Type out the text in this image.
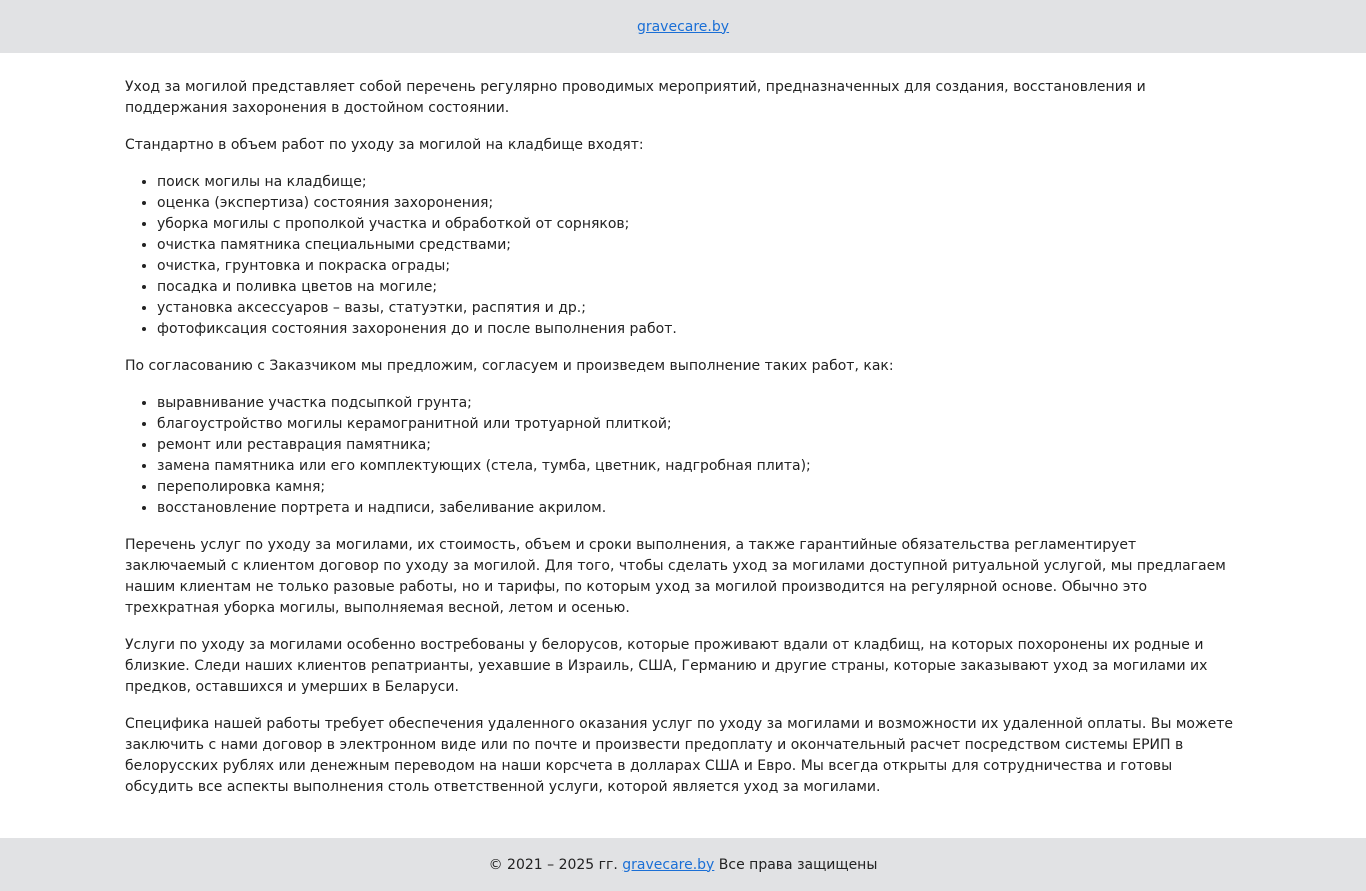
gravecare.by

Уход за могилой представляет собой перечень регулярно проводимых мероприятий, предназначенных для создания, восстановления и поддержания захоронения в достойном состоянии.

Стандартно в объем работ по уходу за могилой на кладбище входят:

• поиск могилы на кладбище;
• оценка (экспертиза) состояния захоронения;
• уборка могилы с прополкой участка и обработкой от сорняков;
• очистка памятника специальными средствами;
• очистка, грунтовка и покраска ограды;
• посадка и поливка цветов на могиле;
• установка аксессуаров – вазы, статуэтки, распятия и др.;
• фотофиксация состояния захоронения до и после выполнения работ.

По согласованию с Заказчиком мы предложим, согласуем и произведем выполнение таких работ, как:

• выравнивание участка подсыпкой грунта;
• благоустройство могилы керамогранитной или тротуарной плиткой;
• ремонт или реставрация памятника;
• замена памятника или его комплектующих (стела, тумба, цветник, надгробная плита);
• переполировка камня;
• восстановление портрета и надписи, забеливание акрилом.

Перечень услуг по уходу за могилами, их стоимость, объем и сроки выполнения, а также гарантийные обязательства регламентирует заключаемый с клиентом договор по уходу за могилой. Для того, чтобы сделать уход за могилами доступной ритуальной услугой, мы предлагаем нашим клиентам не только разовые работы, но и тарифы, по которым уход за могилой производится на регулярной основе. Обычно это трехкратная уборка могилы, выполняемая весной, летом и осенью.

Услуги по уходу за могилами особенно востребованы у белорусов, которые проживают вдали от кладбищ, на которых похоронены их родные и близкие. Следи наших клиентов репатрианты, уехавшие в Израиль, США, Германию и другие страны, которые заказывают уход за могилами их предков, оставшихся и умерших в Беларуси.

Специфика нашей работы требует обеспечения удаленного оказания услуг по уходу за могилами и возможности их удаленной оплаты. Вы можете заключить с нами договор в электронном виде или по почте и произвести предоплату и окончательный расчет посредством системы ЕРИП в белорусских рублях или денежным переводом на наши корсчета в долларах США и Евро. Мы всегда открыты для сотрудничества и готовы обсудить все аспекты выполнения столь ответственной услуги, которой является уход за могилами.

© 2021 – 2025 гг. gravecare.by Все права защищены
